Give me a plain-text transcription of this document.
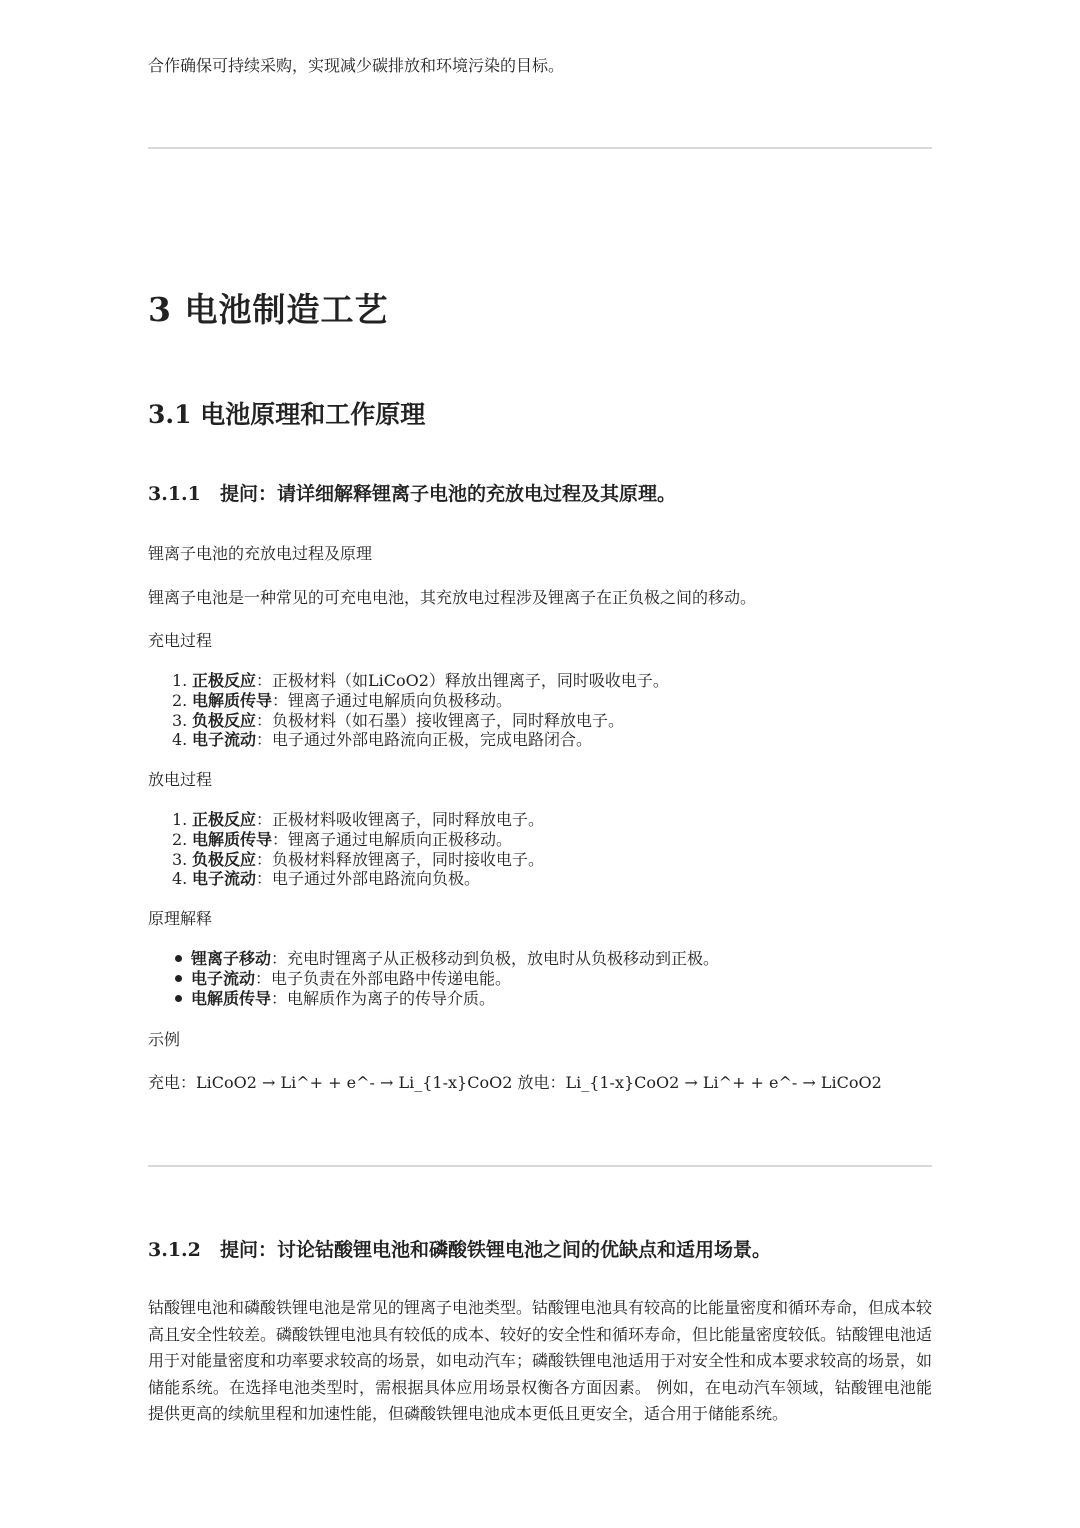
合作确保可持续采购，实现减少碳排放和环境污染的目标。
3 电池制造工艺
3.1 电池原理和工作原理
3.1.1 提问：请详细解释锂离子电池的充放电过程及其原理。
锂离子电池的充放电过程及原理
锂离子电池是一种常见的可充电电池，其充放电过程涉及锂离子在正负极之间的移动。
充电过程
1. 正极反应：正极材料（如LiCoO2）释放出锂离子，同时吸收电子。
2. 电解质传导：锂离子通过电解质向负极移动。
3. 负极反应：负极材料（如石墨）接收锂离子，同时释放电子。
4. 电子流动：电子通过外部电路流向正极，完成电路闭合。
放电过程
1. 正极反应：正极材料吸收锂离子，同时释放电子。
2. 电解质传导：锂离子通过电解质向正极移动。
3. 负极反应：负极材料释放锂离子，同时接收电子。
4. 电子流动：电子通过外部电路流向负极。
原理解释
锂离子移动：充电时锂离子从正极移动到负极，放电时从负极移动到正极。
电子流动：电子负责在外部电路中传递电能。
电解质传导：电解质作为离子的传导介质。
示例
充电：LiCoO2 → Li^+ + e^- → Li_{1-x}CoO2 放电：Li_{1-x}CoO2 → Li^+ + e^- → LiCoO2
3.1.2 提问：讨论钴酸锂电池和磷酸铁锂电池之间的优缺点和适用场景。
钴酸锂电池和磷酸铁锂电池是常见的锂离子电池类型。钴酸锂电池具有较高的比能量密度和循环寿命，但成本较高且安全性较差。磷酸铁锂电池具有较低的成本、较好的安全性和循环寿命，但比能量密度较低。钴酸锂电池适用于对能量密度和功率要求较高的场景，如电动汽车；磷酸铁锂电池适用于对安全性和成本要求较高的场景，如储能系统。在选择电池类型时，需根据具体应用场景权衡各方面因素。 例如，在电动汽车领域，钴酸锂电池能提供更高的续航里程和加速性能，但磷酸铁锂电池成本更低且更安全，适合用于储能系统。
